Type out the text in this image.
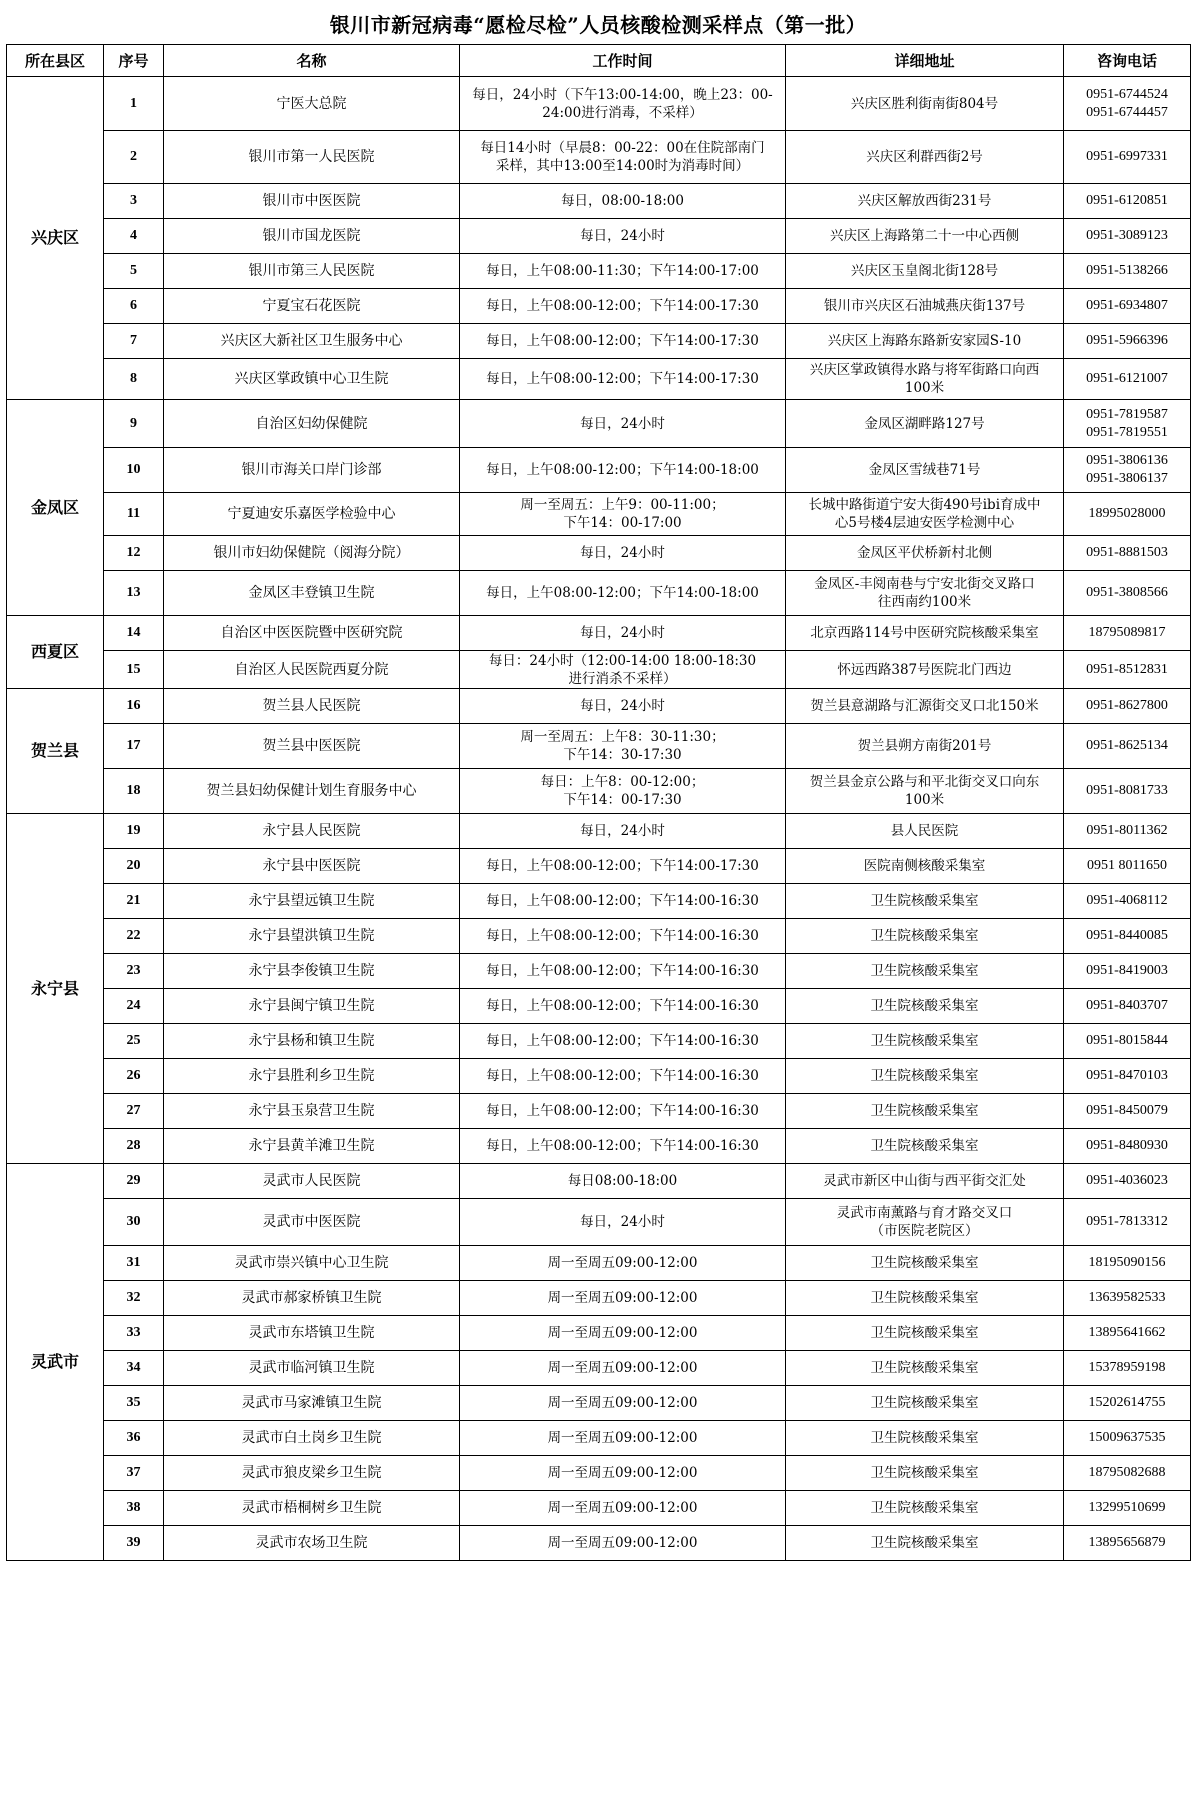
银川市新冠病毒“愿检尽检”人员核酸检测采样点（第一批）
所在县区	序号	名称	工作时间	详细地址	咨询电话
兴庆区	1	宁医大总院	每日，24小时（下午13:00-14:00，晚上23：00-
24:00进行消毒，不采样）	兴庆区胜利街南街804号	0951-6744524
0951-6744457
	2	银川市第一人民医院	每日14小时（早晨8：00-22：00在住院部南门
采样，其中13:00至14:00时为消毒时间）	兴庆区利群西街2号	0951-6997331
	3	银川市中医医院	每日，08:00-18:00	兴庆区解放西街231号	0951-6120851
	4	银川市国龙医院	每日，24小时	兴庆区上海路第二十一中心西侧	0951-3089123
	5	银川市第三人民医院	每日，上午08:00-11:30；下午14:00-17:00	兴庆区玉皇阁北街128号	0951-5138266
	6	宁夏宝石花医院	每日，上午08:00-12:00；下午14:00-17:30	银川市兴庆区石油城燕庆街137号	0951-6934807
	7	兴庆区大新社区卫生服务中心	每日，上午08:00-12:00；下午14:00-17:30	兴庆区上海路东路新安家园S-10	0951-5966396
	8	兴庆区掌政镇中心卫生院	每日，上午08:00-12:00；下午14:00-17:30	兴庆区掌政镇得水路与将军街路口向西
100米	0951-6121007
金凤区	9	自治区妇幼保健院	每日，24小时	金凤区湖畔路127号	0951-7819587
0951-7819551
	10	银川市海关口岸门诊部	每日，上午08:00-12:00；下午14:00-18:00	金凤区雪绒巷71号	0951-3806136
0951-3806137
	11	宁夏迪安乐嘉医学检验中心	周一至周五：上午9：00-11:00；
下午14：00-17:00	长城中路街道宁安大街490号ibi育成中
心5号楼4层迪安医学检测中心	18995028000
	12	银川市妇幼保健院（阅海分院）	每日，24小时	金凤区平伏桥新村北侧	0951-8881503
	13	金凤区丰登镇卫生院	每日，上午08:00-12:00；下午14:00-18:00	金凤区-丰阅南巷与宁安北街交叉路口
往西南约100米	0951-3808566
西夏区	14	自治区中医医院暨中医研究院	每日，24小时	北京西路114号中医研究院核酸采集室	18795089817
	15	自治区人民医院西夏分院	每日：24小时（12:00-14:00 18:00-18:30
进行消杀不采样）	怀远西路387号医院北门西边	0951-8512831
贺兰县	16	贺兰县人民医院	每日，24小时	贺兰县意湖路与汇源街交叉口北150米	0951-8627800
	17	贺兰县中医医院	周一至周五：上午8：30-11:30；
下午14：30-17:30	贺兰县朔方南街201号	0951-8625134
	18	贺兰县妇幼保健计划生育服务中心	每日：上午8：00-12:00；
下午14：00-17:30	贺兰县金京公路与和平北街交叉口向东
100米	0951-8081733
永宁县	19	永宁县人民医院	每日，24小时	县人民医院	0951-8011362
	20	永宁县中医医院	每日，上午08:00-12:00；下午14:00-17:30	医院南侧核酸采集室	0951 8011650
	21	永宁县望远镇卫生院	每日，上午08:00-12:00；下午14:00-16:30	卫生院核酸采集室	0951-4068112
	22	永宁县望洪镇卫生院	每日，上午08:00-12:00；下午14:00-16:30	卫生院核酸采集室	0951-8440085
	23	永宁县李俊镇卫生院	每日，上午08:00-12:00；下午14:00-16:30	卫生院核酸采集室	0951-8419003
	24	永宁县闽宁镇卫生院	每日，上午08:00-12:00；下午14:00-16:30	卫生院核酸采集室	0951-8403707
	25	永宁县杨和镇卫生院	每日，上午08:00-12:00；下午14:00-16:30	卫生院核酸采集室	0951-8015844
	26	永宁县胜利乡卫生院	每日，上午08:00-12:00；下午14:00-16:30	卫生院核酸采集室	0951-8470103
	27	永宁县玉泉营卫生院	每日，上午08:00-12:00；下午14:00-16:30	卫生院核酸采集室	0951-8450079
	28	永宁县黄羊滩卫生院	每日，上午08:00-12:00；下午14:00-16:30	卫生院核酸采集室	0951-8480930
灵武市	29	灵武市人民医院	每日08:00-18:00	灵武市新区中山街与西平街交汇处	0951-4036023
	30	灵武市中医医院	每日，24小时	灵武市南薰路与育才路交叉口
（市医院老院区）	0951-7813312
	31	灵武市崇兴镇中心卫生院	周一至周五09:00-12:00	卫生院核酸采集室	18195090156
	32	灵武市郝家桥镇卫生院	周一至周五09:00-12:00	卫生院核酸采集室	13639582533
	33	灵武市东塔镇卫生院	周一至周五09:00-12:00	卫生院核酸采集室	13895641662
	34	灵武市临河镇卫生院	周一至周五09:00-12:00	卫生院核酸采集室	15378959198
	35	灵武市马家滩镇卫生院	周一至周五09:00-12:00	卫生院核酸采集室	15202614755
	36	灵武市白土岗乡卫生院	周一至周五09:00-12:00	卫生院核酸采集室	15009637535
	37	灵武市狼皮梁乡卫生院	周一至周五09:00-12:00	卫生院核酸采集室	18795082688
	38	灵武市梧桐树乡卫生院	周一至周五09:00-12:00	卫生院核酸采集室	13299510699
	39	灵武市农场卫生院	周一至周五09:00-12:00	卫生院核酸采集室	13895656879
